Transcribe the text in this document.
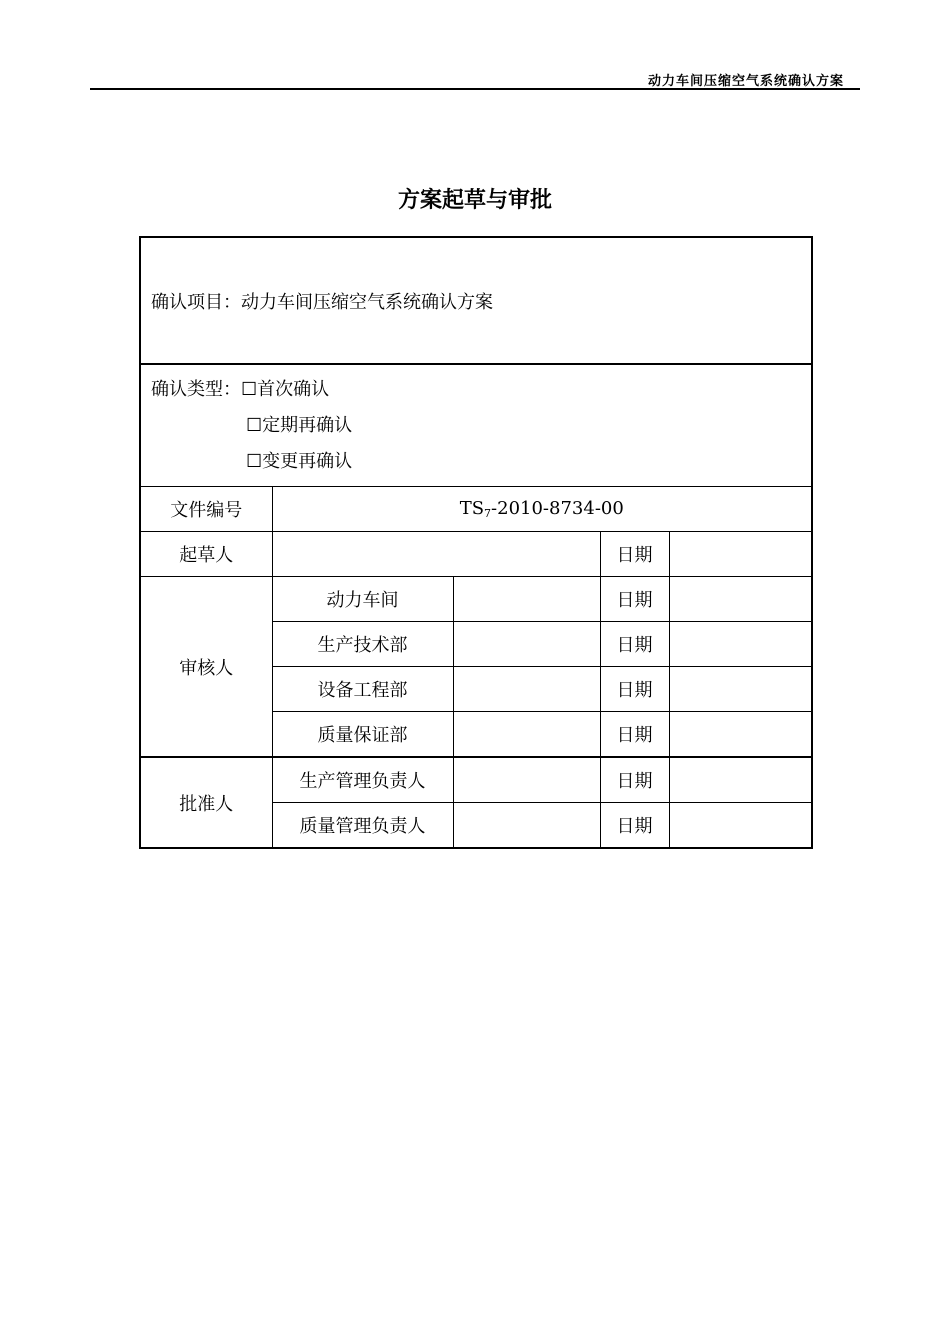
动力车间压缩空气系统确认方案
方案起草与审批
确认项目：动力车间压缩空气系统确认方案				

确认类型：☐首次确认
☐定期再确认
☐变更再确认				

文件编号	$TS_7-2010-8734-00$			
起草人			日期	
审核人	动力车间		日期	
	生产技术部		日期	
	设备工程部		日期	
	质量保证部		日期	
批准人	生产管理负责人		日期	
	质量管理负责人		日期	
